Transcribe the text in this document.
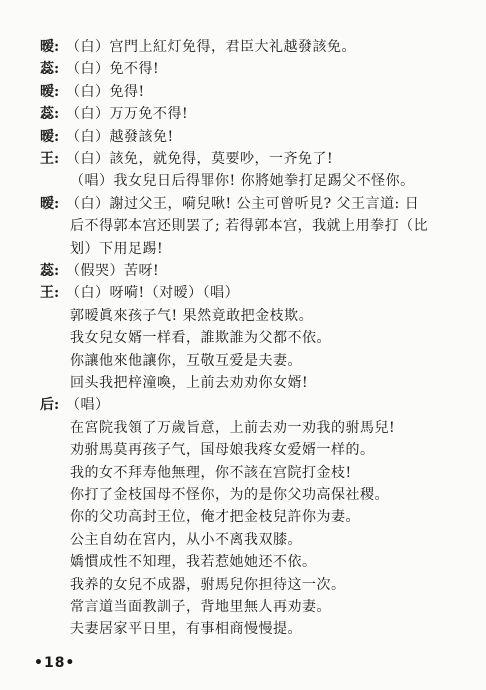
暧: （白）宫門上紅灯免得，君臣大礼越發該免。
蕊: （白）免不得!
暧: （白）免得!
蕊: （白）万万免不得!
暧: （白）越發該免!
王: （白）該免，就免得，莫要吵，一齐免了!
（唱）我女兒日后得罪你! 你將她拳打足踢父不怪你。
暧: （白）謝过父王，嗬兒啾! 公主可曾听見? 父王言道: 日
后不得郭本宫还則罢了; 若得郭本宫，我就上用拳打（比
划）下用足踢!
蕊: （假哭）苦呀!
王: （白）呀嗬!（对暧）（唱）
郭暧眞來孩子气! 果然竟敢把金枝欺。
我女兒女婿一样看，誰欺誰为父都不依。
你讓他來他讓你，互敬互爱是夫妻。
回头我把梓潼喚，上前去劝劝你女婿!
后: （唱）
在宮院我領了万歲旨意，上前去劝一劝我的驸馬兒!
劝驸馬莫再孩子气，国母娘我疼女爱婿一样的。
我的女不拜寿他無理，你不該在宫院打金枝!
你打了金枝国母不怪你，为的是你父功高保社稷。
你的父功高封王位，俺才把金枝兒許你为妻。
公主自幼在宮内，从小不离我双膝。
嬌慣成性不知理，我若惹她她还不依。
我养的女兒不成器，驸馬兒你担待这一次。
常言道当面教訓子，背地里無人再劝妻。
夫妻居家平日里，有事相商慢慢提。
•18•
